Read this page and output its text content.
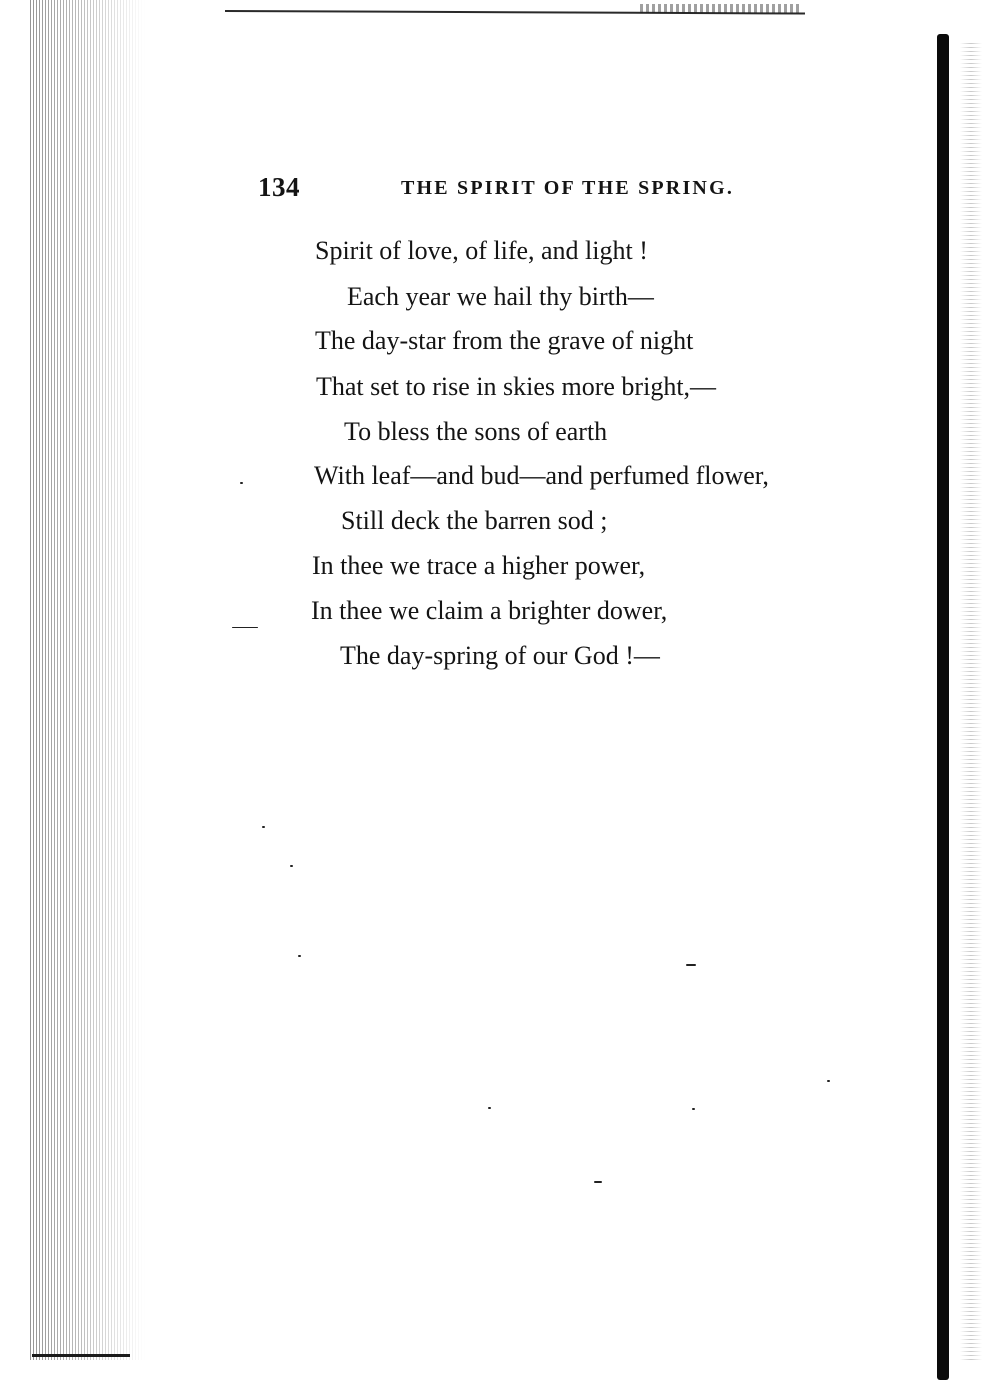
134	THE SPIRIT OF THE SPRING.
Spirit of love, of life, and light !
Each year we hail thy birth—
The day-star from the grave of night
That set to rise in skies more bright,—
To bless the sons of earth
With leaf—and bud—and perfumed flower,
Still deck the barren sod ;
In thee we trace a higher power,
In thee we claim a brighter dower,
The day-spring of our God !—
